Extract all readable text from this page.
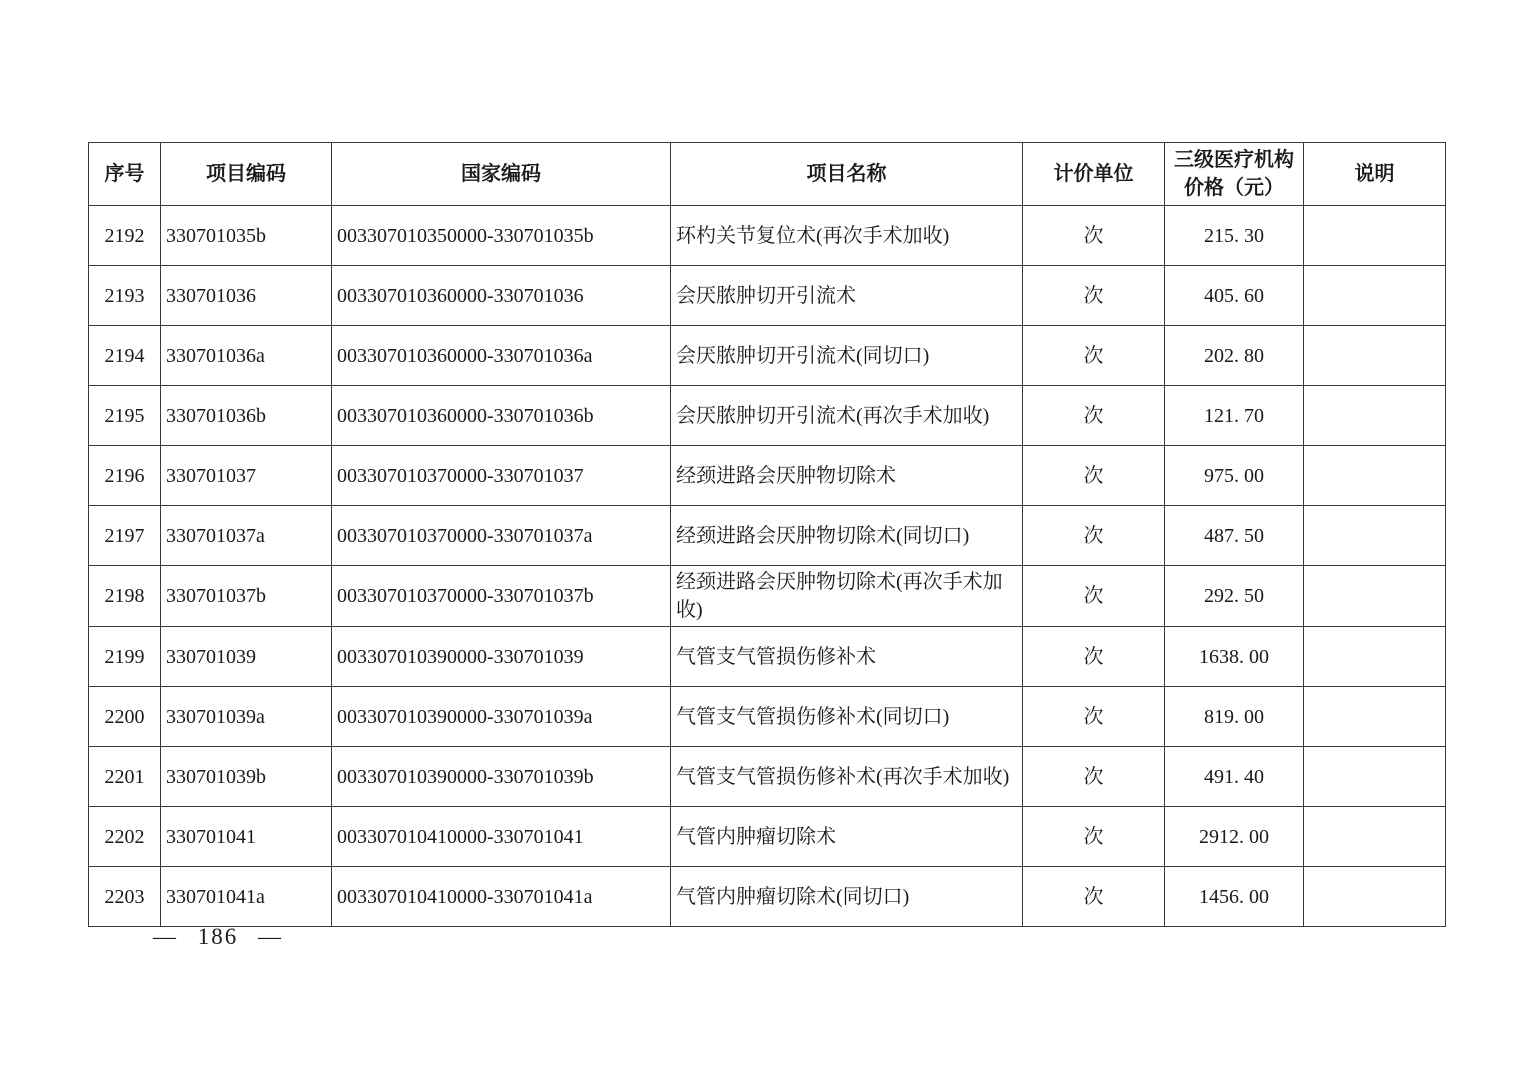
序号	项目编码	国家编码	项目名称	计价单位	三级医疗机构价格（元）	说明
2192	330701035b	003307010350000-330701035b	环杓关节复位术(再次手术加收)	次	215. 30	
2193	330701036	003307010360000-330701036	会厌脓肿切开引流术	次	405. 60	
2194	330701036a	003307010360000-330701036a	会厌脓肿切开引流术(同切口)	次	202. 80	
2195	330701036b	003307010360000-330701036b	会厌脓肿切开引流术(再次手术加收)	次	121. 70	
2196	330701037	003307010370000-330701037	经颈进路会厌肿物切除术	次	975. 00	
2197	330701037a	003307010370000-330701037a	经颈进路会厌肿物切除术(同切口)	次	487. 50	
2198	330701037b	003307010370000-330701037b	经颈进路会厌肿物切除术(再次手术加收)	次	292. 50	
2199	330701039	003307010390000-330701039	气管支气管损伤修补术	次	1638. 00	
2200	330701039a	003307010390000-330701039a	气管支气管损伤修补术(同切口)	次	819. 00	
2201	330701039b	003307010390000-330701039b	气管支气管损伤修补术(再次手术加收)	次	491. 40	
2202	330701041	003307010410000-330701041	气管内肿瘤切除术	次	2912. 00	
2203	330701041a	003307010410000-330701041a	气管内肿瘤切除术(同切口)	次	1456. 00	
— 186 —
